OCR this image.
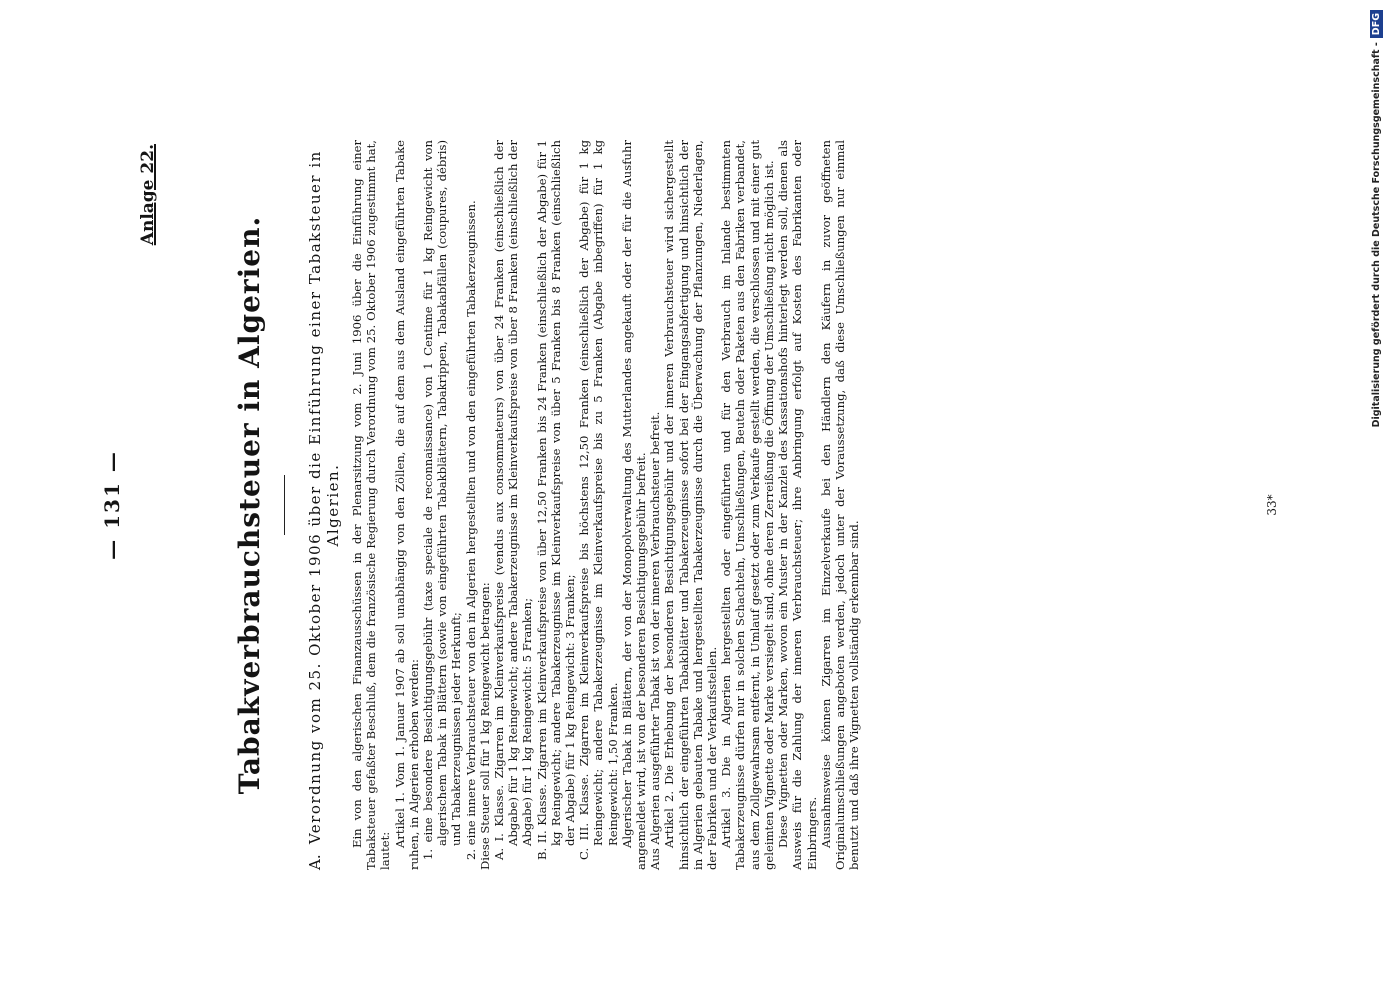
— 131 —
Anlage 22.
Tabakverbrauchsteuer in Algerien.

A.
Verordnung vom 25. Oktober 1906 über die Einführung einer Tabaksteuer in Algerien. Ein von den algerischen Finanzausschüssen in der Plenarsitzung vom 2. Juni 1906 über die Einführung einer Tabaksteuer gefaßter Beschluß, dem die französische Regierung durch Verordnung vom 25. Oktober 1906 zugestimmt hat, lautet:

Artikel 1. Vom 1. Januar 1907 ab soll unabhängig von den Zöllen, die auf dem aus dem Ausland eingeführten Tabake ruhen, in Algerien erhoben werden: 1. eine besondere Besichtigungsgebühr (taxe speciale de reconnaissance) von 1 Centime für 1 kg Reingewicht von algerischem Tabak in Blättern (sowie von eingeführten Tabakblättern, Tabakrippen, Tabakabfällen (coupures, débris) und Tabakerzeugnissen jeder Herkunft; 2. eine innere Verbrauchsteuer von den in Algerien hergestellten und von den eingeführten Tabakerzeugnissen. Diese Steuer soll für 1 kg Reingewicht betragen: A. I. Klasse. Zigarren im Kleinverkaufspreise (vendus aux consommateurs) von über 24 Franken (einschließlich der Abgabe) für 1 kg Reingewicht; andere Tabakerzeugnisse im Kleinverkaufspreise von über 8 Franken (einschließlich der Abgabe) für 1 kg Reingewicht: 5 Franken; B. II. Klasse. Zigarren im Kleinverkaufspreise von über 12,50 Franken bis 24 Franken (einschließlich der Abgabe) für 1 kg Reingewicht; andere Tabakerzeugnisse im Kleinverkaufspreise von über 5 Franken bis 8 Franken (einschließlich der Abgabe) für 1 kg Reingewicht: 3 Franken; C. III. Klasse. Zigarren im Kleinverkaufspreise bis höchstens 12,50 Franken (einschließlich der Abgabe) für 1 kg Reingewicht; andere Tabakerzeugnisse im Kleinverkaufspreise bis zu 5 Franken (Abgabe inbegriffen) für 1 kg Reingewicht: 1,50 Franken. Algerischer Tabak in Blättern, der von der Monopolverwaltung des Mutterlandes angekauft oder der für die Ausfuhr angemeldet wird, ist von der besonderen Besichtigungsgebühr befreit. Aus Algerien ausgeführter Tabak ist von der inneren Verbrauchsteuer befreit. Artikel 2. Die Erhebung der besonderen Besichtigungsgebühr und der inneren Verbrauchsteuer wird sichergestellt hinsichtlich der eingeführten Tabakblätter und Tabakerzeugnisse sofort bei der Eingangsabfertigung und hinsichtlich der in Algerien gebauten Tabake und hergestellten Tabakerzeugnisse durch die Überwachung der Pflanzungen, Niederlagen, der Fabriken und der Verkaufsstellen. Artikel 3. Die in Algerien hergestellten oder eingeführten und für den Verbrauch im Inlande bestimmten Tabakerzeugnisse dürfen nur in solchen Schachteln, Umschließungen, Beuteln oder Paketen aus den Fabriken verbandet, aus dem Zollgewahrsam entfernt, in Umlauf gesetzt oder zum Verkaufe gestellt werden, die verschlossen und mit einer gut geleimten Vignette oder Marke versiegelt sind, ohne deren Zerreißung die Öffnung der Umschließung nicht möglich ist. Diese Vignetten oder Marken, wovon ein Muster in der Kanzlei des Kassationshofs hinterlegt werden soll, dienen als Ausweis für die Zahlung der inneren Verbrauchsteuer; ihre Anbringung erfolgt auf Kosten des Fabrikanten oder Einbringers. Ausnahmsweise können Zigarren im Einzelverkaufe bei den Händlern den Käufern in zuvor geöffneten Originalumschließungen angeboten werden, jedoch unter der Voraussetzung, daß diese Umschließungen nur einmal benutzt und daß ihre Vignetten vollständig erkennbar sind.

33*
Digitalisierung gefördert durch die Deutsche Forschungsgemeinschaft -DFG
